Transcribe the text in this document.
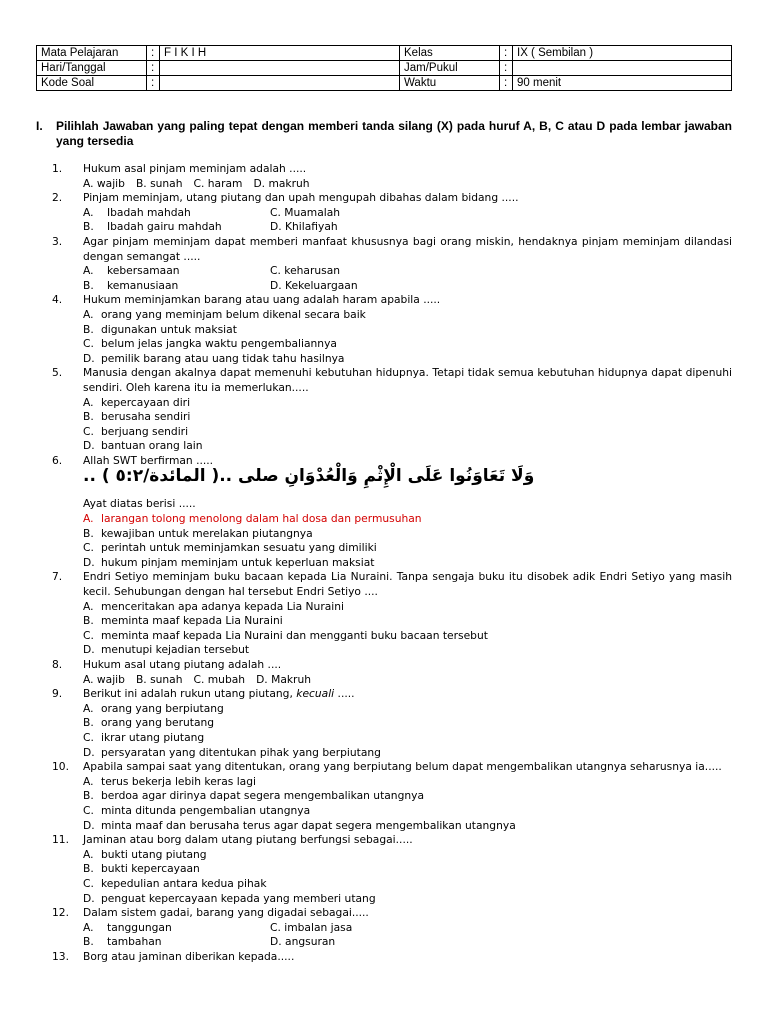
Mata Pelajaran	:	F I K I H	Kelas	:	IX ( Sembilan )
Hari/Tanggal	:		Jam/Pukul	:	
Kode Soal	:		Waktu	:	90 menit
I. Pilihlah Jawaban yang paling tepat dengan memberi tanda silang (X) pada huruf A, B, C atau D pada lembar jawaban yang tersedia
1.	Hukum asal pinjam meminjam adalah .....
A. wajib B. sunah C. haram D. makruh
2.	Pinjam meminjam, utang piutang dan upah mengupah dibahas dalam bidang .....
A. Ibadah mahdah	C. Muamalah
B. Ibadah gairu mahdah	D. Khilafiyah
3.	Agar pinjam meminjam dapat memberi manfaat khususnya bagi orang miskin, hendaknya pinjam meminjam dilandasi dengan semangat .....
A. kebersamaan	C. keharusan
B. kemanusiaan	D. Kekeluargaan
4.	Hukum meminjamkan barang atau uang adalah haram apabila .....
A. orang yang meminjam belum dikenal secara baik
B. digunakan untuk maksiat
C. belum jelas jangka waktu pengembaliannya
D. pemilik barang atau uang tidak tahu hasilnya
5.	Manusia dengan akalnya dapat memenuhi kebutuhan hidupnya. Tetapi tidak semua kebutuhan hidupnya dapat dipenuhi sendiri. Oleh karena itu ia memerlukan.....
A. kepercayaan diri
B. berusaha sendiri
C. berjuang sendiri
D. bantuan orang lain
6.	Allah SWT berfirman .....
وَلَا تَعَاوَنُوا عَلَى الْإِثْمِ وَالْعُدْوَانِ صلى ..( المائدة/٥:٢ ) ..
Ayat diatas berisi .....
A. larangan tolong menolong dalam hal dosa dan permusuhan
B. kewajiban untuk merelakan piutangnya
C. perintah untuk meminjamkan sesuatu yang dimiliki
D. hukum pinjam meminjam untuk keperluan maksiat
7.	Endri Setiyo meminjam buku bacaan kepada Lia Nuraini. Tanpa sengaja buku itu disobek adik Endri Setiyo yang masih kecil. Sehubungan dengan hal tersebut Endri Setiyo ....
A. menceritakan apa adanya kepada Lia Nuraini
B. meminta maaf kepada Lia Nuraini
C. meminta maaf kepada Lia Nuraini dan mengganti buku bacaan tersebut
D. menutupi kejadian tersebut
8.	Hukum asal utang piutang adalah ....
A. wajib B. sunah C. mubah D. Makruh
9.	Berikut ini adalah rukun utang piutang, kecuali .....
A. orang yang berpiutang
B. orang yang berutang
C. ikrar utang piutang
D. persyaratan yang ditentukan pihak yang berpiutang
10.	Apabila sampai saat yang ditentukan, orang yang berpiutang belum dapat mengembalikan utangnya seharusnya ia.....
A. terus bekerja lebih keras lagi
B. berdoa agar dirinya dapat segera mengembalikan utangnya
C. minta ditunda pengembalian utangnya
D. minta maaf dan berusaha terus agar dapat segera mengembalikan utangnya
11.	Jaminan atau borg dalam utang piutang berfungsi sebagai.....
A. bukti utang piutang
B. bukti kepercayaan
C. kepedulian antara kedua pihak
D. penguat kepercayaan kepada yang memberi utang
12.	Dalam sistem gadai, barang yang digadai sebagai.....
A. tanggungan	C. imbalan jasa
B. tambahan	D. angsuran
13.	Borg atau jaminan diberikan kepada.....
